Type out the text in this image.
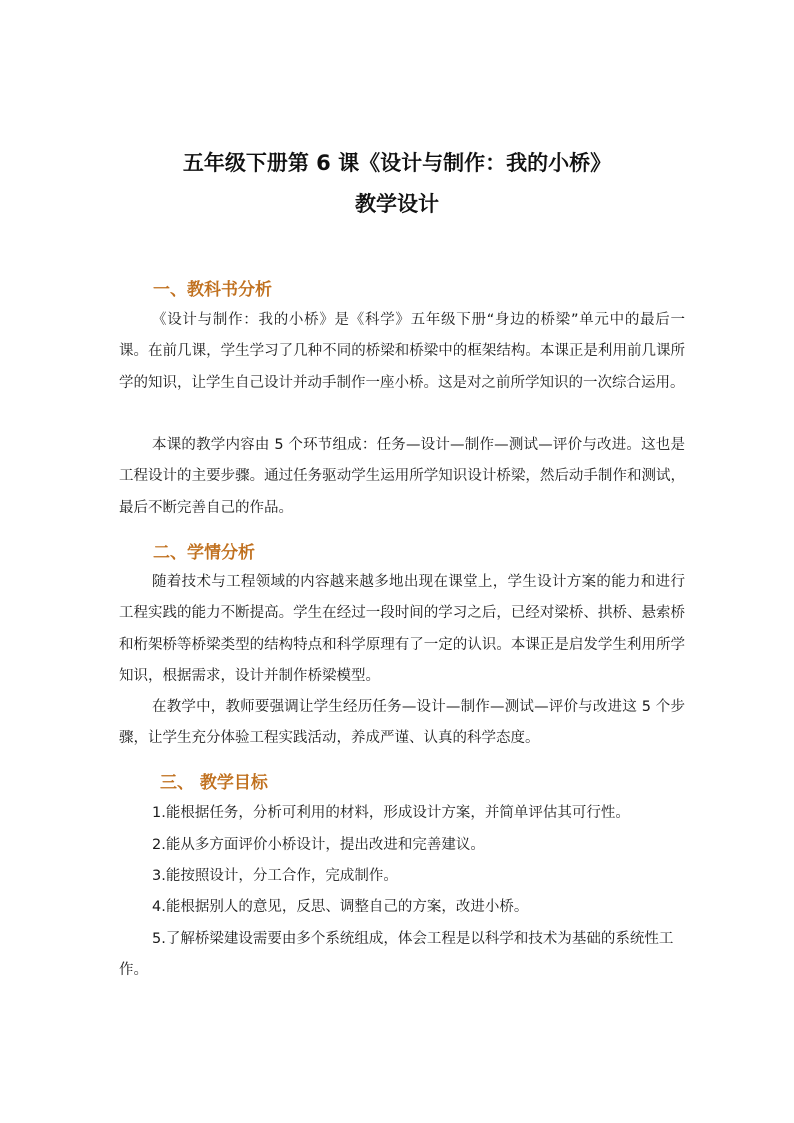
五年级下册第 6 课《设计与制作：我的小桥》
教学设计
一、教科书分析

《设计与制作：我的小桥》是《科学》五年级下册“身边的桥梁”单元中的最后一课。在前几课，学生学习了几种不同的桥梁和桥梁中的框架结构。本课正是利用前几课所学的知识，让学生自己设计并动手制作一座小桥。这是对之前所学知识的一次综合运用。

本课的教学内容由 5 个环节组成：任务—设计—制作—测试—评价与改进。这也是工程设计的主要步骤。通过任务驱动学生运用所学知识设计桥梁，然后动手制作和测试，最后不断完善自己的作品。

二、学情分析

随着技术与工程领域的内容越来越多地出现在课堂上，学生设计方案的能力和进行工程实践的能力不断提高。学生在经过一段时间的学习之后，已经对梁桥、拱桥、悬索桥和桁架桥等桥梁类型的结构特点和科学原理有了一定的认识。本课正是启发学生利用所学知识，根据需求，设计并制作桥梁模型。

在教学中，教师要强调让学生经历任务—设计—制作—测试—评价与改进这 5 个步骤，让学生充分体验工程实践活动，养成严谨、认真的科学态度。

三、 教学目标

1.能根据任务，分析可利用的材料，形成设计方案，并简单评估其可行性。

2.能从多方面评价小桥设计，提出改进和完善建议。

3.能按照设计，分工合作，完成制作。

4.能根据别人的意见，反思、调整自己的方案，改进小桥。

5.了解桥梁建设需要由多个系统组成，体会工程是以科学和技术为基础的系统性工作。
